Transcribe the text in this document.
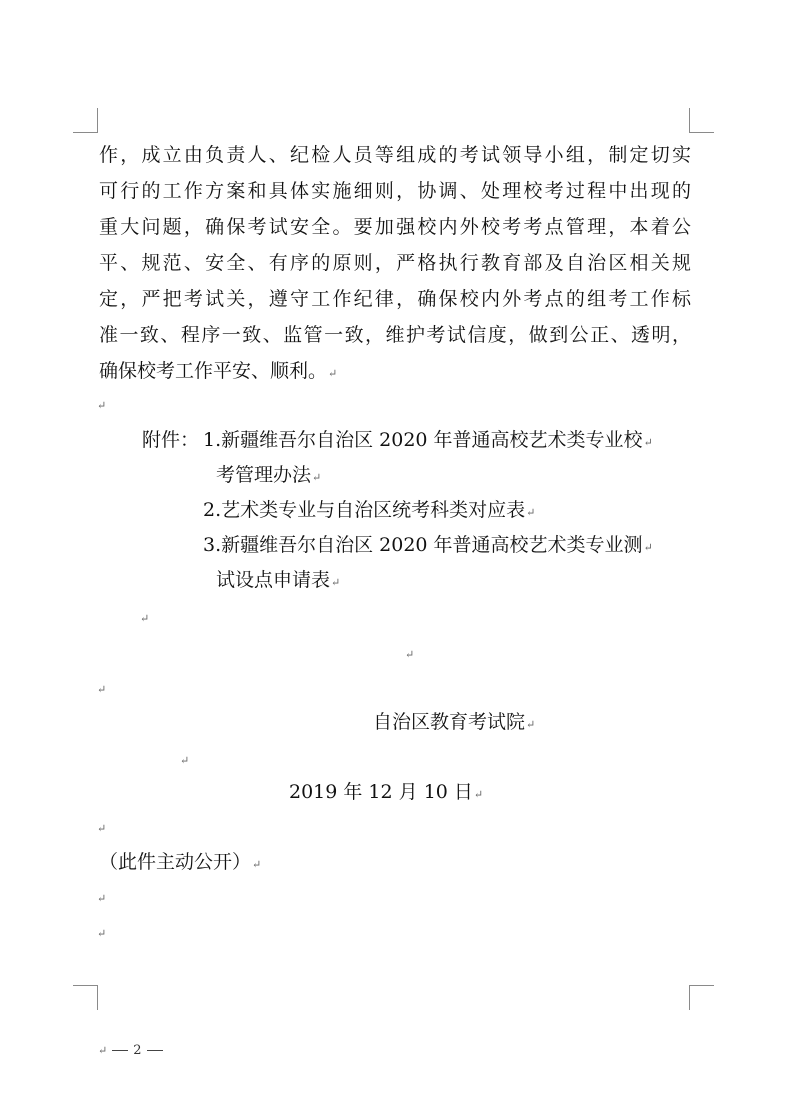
作，成立由负责人、纪检人员等组成的考试领导小组，制定切实
可行的工作方案和具体实施细则，协调、处理校考过程中出现的
重大问题，确保考试安全。要加强校内外校考考点管理，本着公
平、规范、安全、有序的原则，严格执行教育部及自治区相关规
定，严把考试关，遵守工作纪律，确保校内外考点的组考工作标
准一致、程序一致、监管一致，维护考试信度，做到公正、透明，
确保校考工作平安、顺利。↵
↵
附件： 1.新疆维吾尔自治区 2020 年普通高校艺术类专业校↵
考管理办法↵
2.艺术类专业与自治区统考科类对应表↵
3.新疆维吾尔自治区 2020 年普通高校艺术类专业测↵
试设点申请表↵
↵
↵
↵
自治区教育考试院↵
↵
2019 年 12 月 10 日↵
↵
（此件主动公开）↵
↵
↵
↵ 2
